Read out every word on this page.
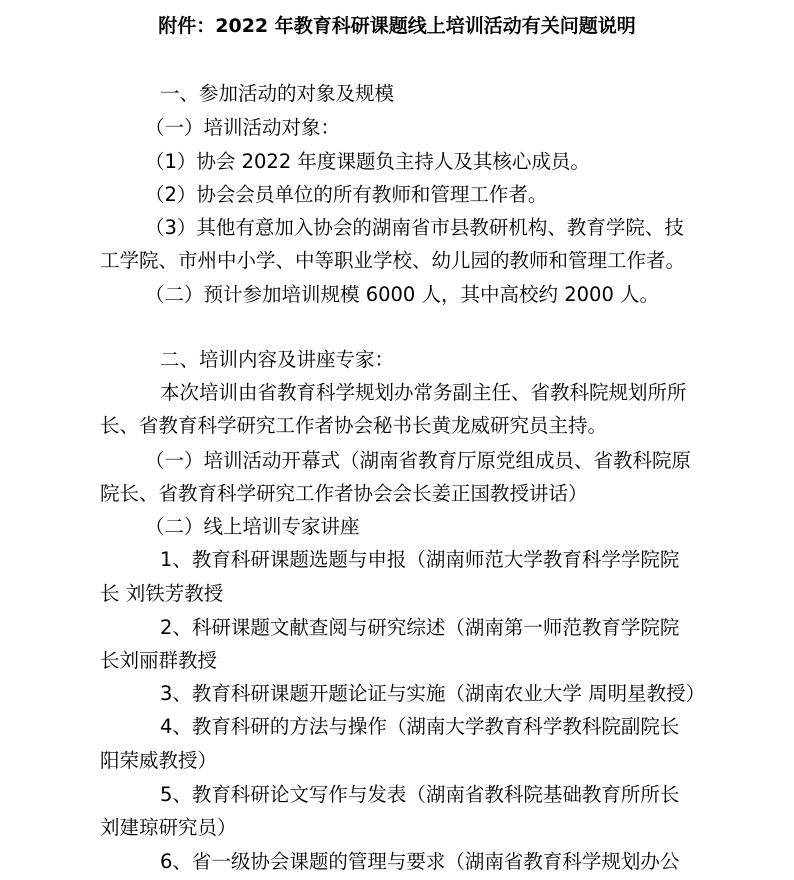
附件：2022 年教育科研课题线上培训活动有关问题说明
一、参加活动的对象及规模
（一）培训活动对象：
（1）协会 2022 年度课题负主持人及其核心成员。
（2）协会会员单位的所有教师和管理工作者。
（3）其他有意加入协会的湖南省市县教研机构、教育学院、技
工学院、市州中小学、中等职业学校、幼儿园的教师和管理工作者。
（二）预计参加培训规模 6000 人，其中高校约 2000 人。
二、培训内容及讲座专家：
本次培训由省教育科学规划办常务副主任、省教科院规划所所
长、省教育科学研究工作者协会秘书长黄龙威研究员主持。
（一）培训活动开幕式（湖南省教育厅原党组成员、省教科院原
院长、省教育科学研究工作者协会会长姜正国教授讲话）
（二）线上培训专家讲座
1、教育科研课题选题与申报（湖南师范大学教育科学学院院
长 刘铁芳教授
2、科研课题文献查阅与研究综述（湖南第一师范教育学院院
长刘丽群教授
3、教育科研课题开题论证与实施（湖南农业大学 周明星教授）
4、教育科研的方法与操作（湖南大学教育科学教科院副院长
阳荣威教授）
5、教育科研论文写作与发表（湖南省教科院基础教育所所长
刘建琼研究员）
6、省一级协会课题的管理与要求（湖南省教育科学规划办公
